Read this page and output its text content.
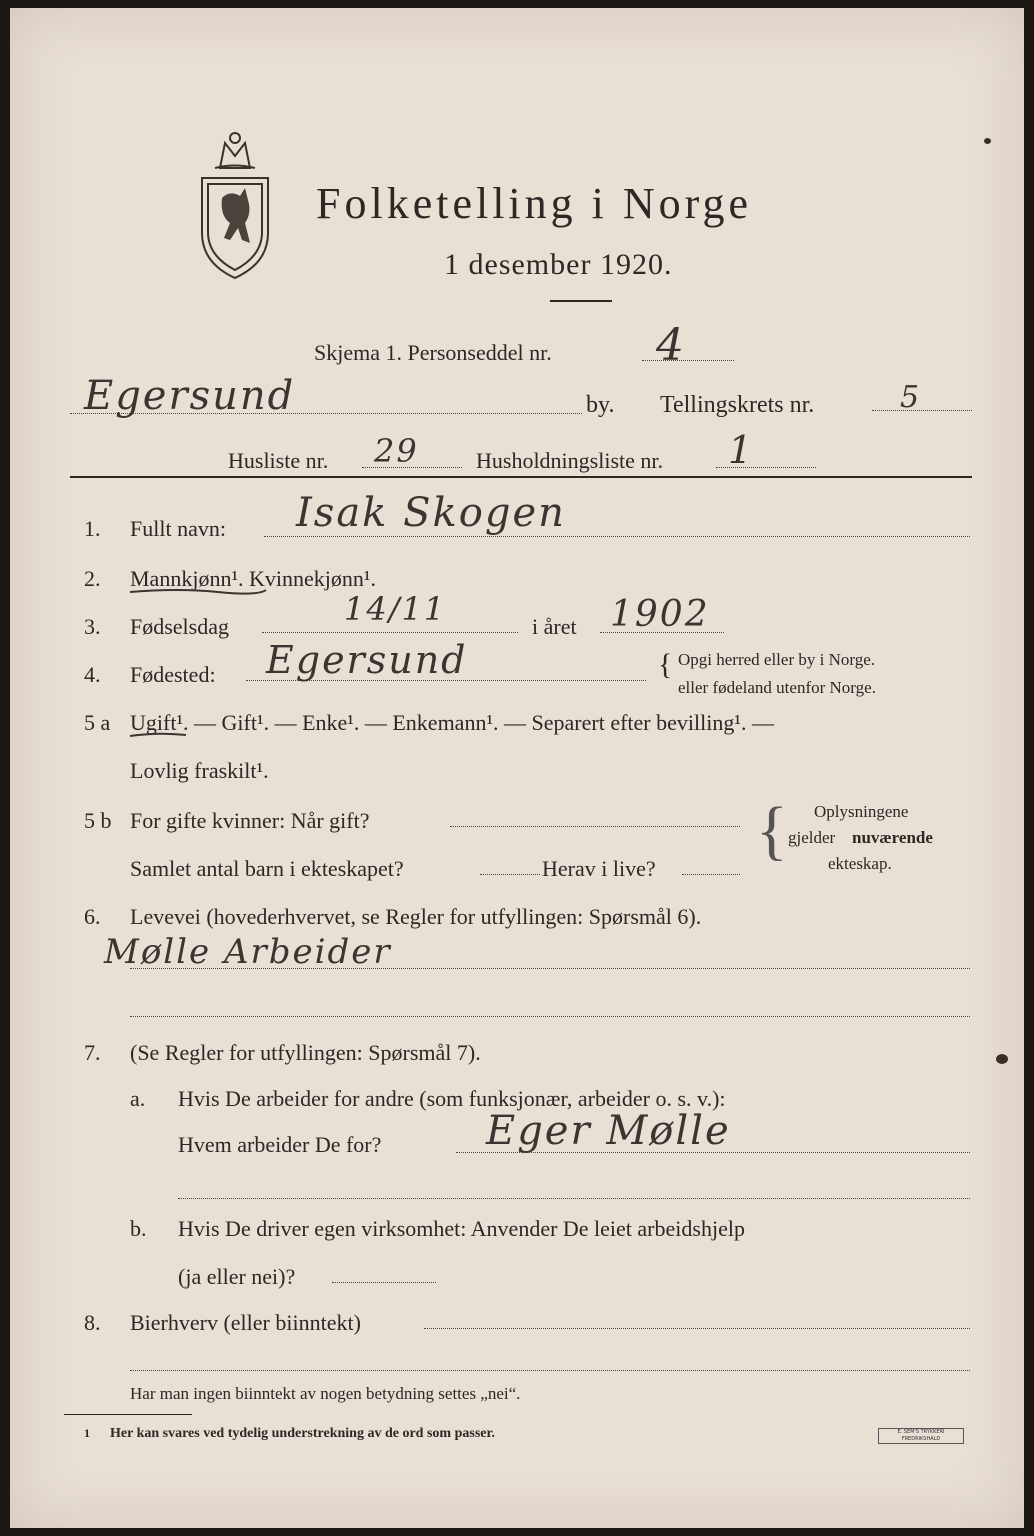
Folketelling i Norge
1 desember 1920.
Skjema 1. Personseddel nr. 4
Egersund	by. Tellingskrets nr.	5
Husliste nr. 29	Husholdningsliste nr. 1
1. Fullt navn: Isak Skogen
2. Mannkjønn¹. Kvinnekjønn¹.
3. Fødselsdag	14/11	i året 1902
4. Fødested: Egersund	{ Opgi herred eller by i Norge.
eller fødeland utenfor Norge.
5 a Ugift¹. — Gift¹. — Enke¹. — Enkemann¹. — Separert efter bevilling¹. —
Lovlig fraskilt¹.
5 b For gifte kvinner: Når gift?
Samlet antal barn i ekteskapet?	Herav i live?
{ Oplysningene
gjelder nuværende
ekteskap.
6. Levevei (hovederhvervet, se Regler for utfyllingen: Spørsmål 6).
Mølle Arbeider
7. (Se Regler for utfyllingen: Spørsmål 7).
a. Hvis De arbeider for andre (som funksjonær, arbeider o. s. v.):
Hvem arbeider De for?	Eger Mølle
b. Hvis De driver egen virksomhet: Anvender De leiet arbeidshjelp
(ja eller nei)?
8. Bierhverv (eller biinntekt)
Har man ingen biinntekt av nogen betydning settes „nei“.
1 Her kan svares ved tydelig understrekning av de ord som passer.	E. SEM'S TRYKKERI FREDRIKSHALD
